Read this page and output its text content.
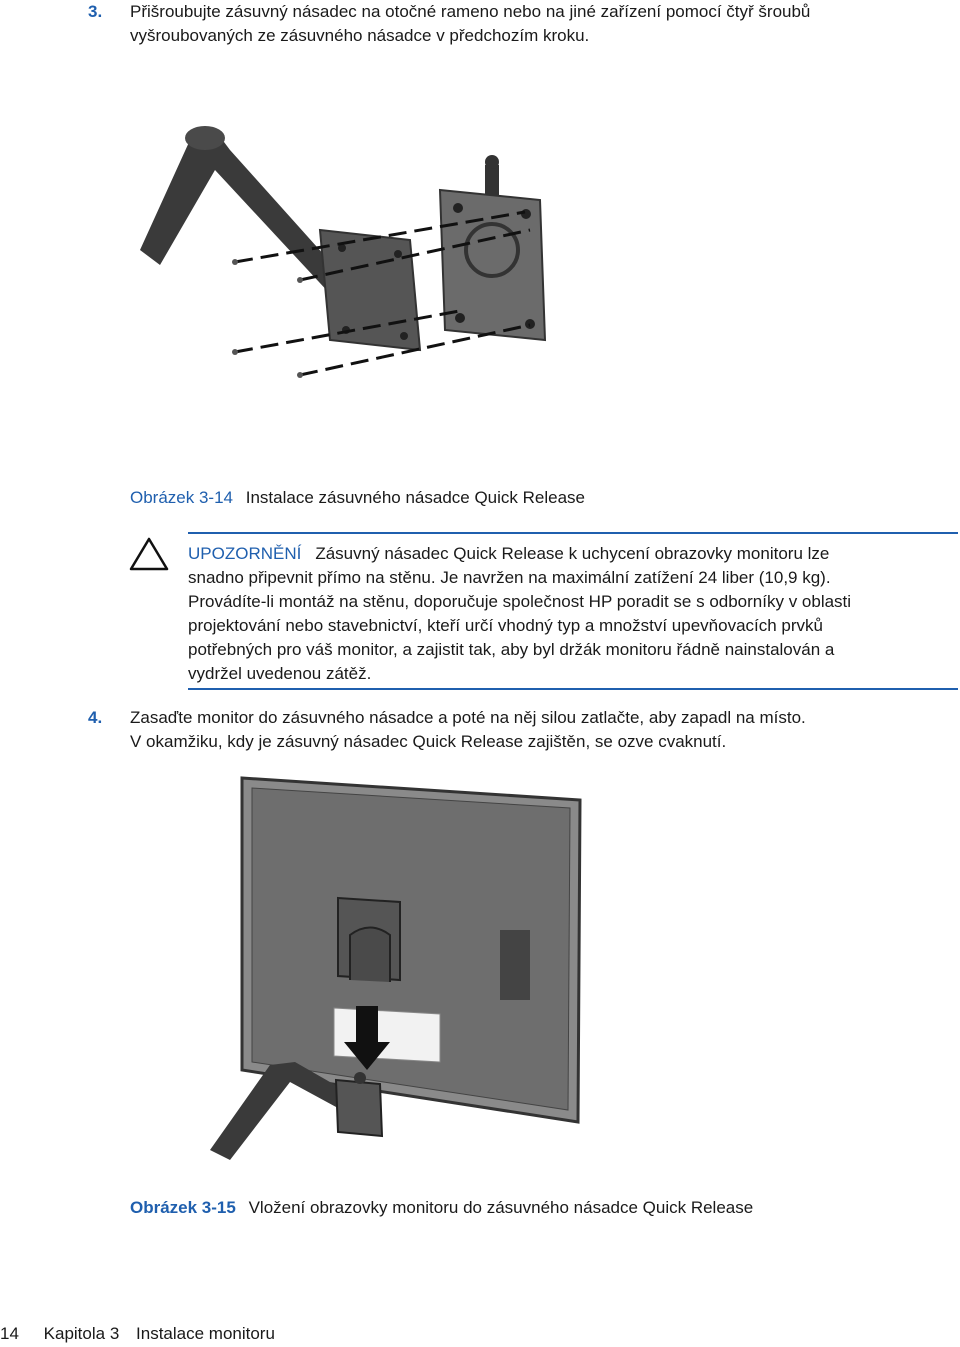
3. Přišroubujte zásuvný násadec na otočné rameno nebo na jiné zařízení pomocí čtyř šroubů
vyšroubovaných ze zásuvného násadce v předchozím kroku.
Obrázek 3-14 Instalace zásuvného násadce Quick Release
UPOZORNĚNÍ Zásuvný násadec Quick Release k uchycení obrazovky monitoru lze
snadno připevnit přímo na stěnu. Je navržen na maximální zatížení 24 liber (10,9 kg).
Provádíte-li montáž na stěnu, doporučuje společnost HP poradit se s odborníky v oblasti
projektování nebo stavebnictví, kteří určí vhodný typ a množství upevňovacích prvků
potřebných pro váš monitor, a zajistit tak, aby byl držák monitoru řádně nainstalován a
vydržel uvedenou zátěž.
4. Zasaďte monitor do zásuvného násadce a poté na něj silou zatlačte, aby zapadl na místo.
V okamžiku, kdy je zásuvný násadec Quick Release zajištěn, se ozve cvaknutí.
Obrázek 3-15 Vložení obrazovky monitoru do zásuvného násadce Quick Release
14 Kapitola 3 Instalace monitoru
